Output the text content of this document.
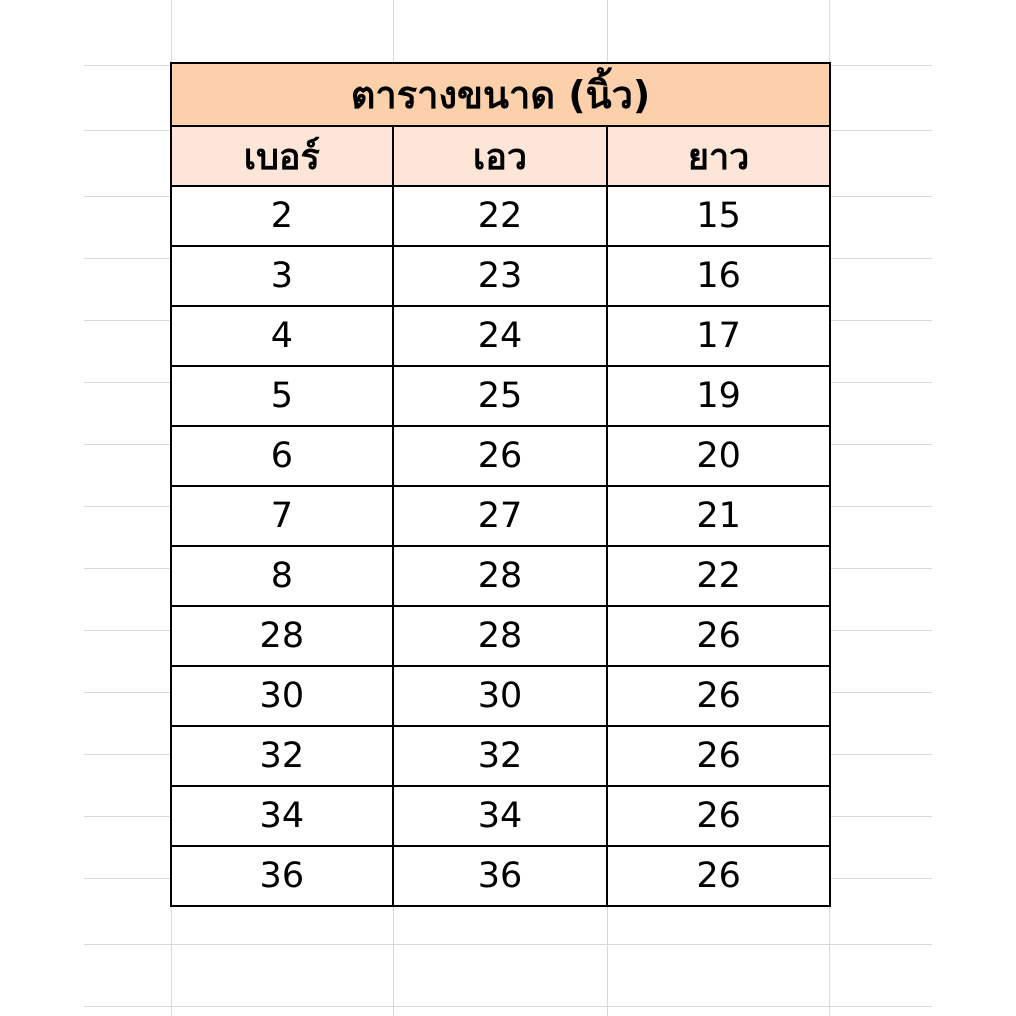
ตารางขนาด (นิ้ว)		
เบอร์	เอว	ยาว
2	22	15
3	23	16
4	24	17
5	25	19
6	26	20
7	27	21
8	28	22
28	28	26
30	30	26
32	32	26
34	34	26
36	36	26
